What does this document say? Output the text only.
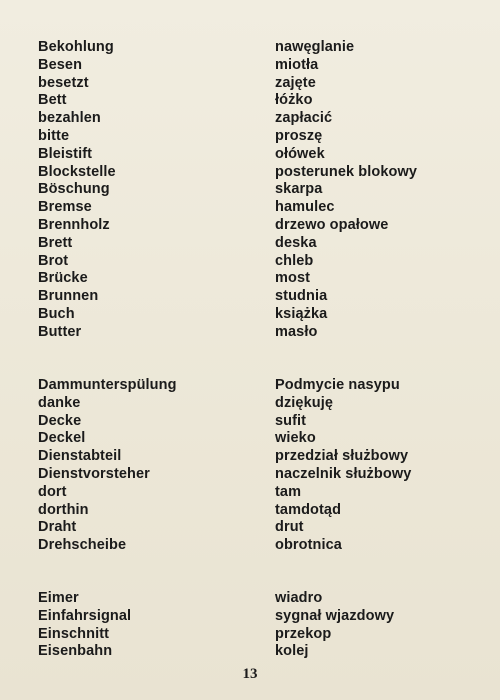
Bekohlung	nawęglanie
Besen	miotła
besetzt	zajęte
Bett	łóżko
bezahlen	zapłacić
bitte	proszę
Bleistift	ołówek
Blockstelle	posterunek blokowy
Böschung	skarpa
Bremse	hamulec
Brennholz	drzewo opałowe
Brett	deska
Brot	chleb
Brücke	most
Brunnen	studnia
Buch	książka
Butter	masło
Dammunterspülung	Podmycie nasypu
danke	dziękuję
Decke	sufit
Deckel	wieko
Dienstabteil	przedział służbowy
Dienstvorsteher	naczelnik służbowy
dort	tam
dorthin	tamdotąd
Draht	drut
Drehscheibe	obrotnica
Eimer	wiadro
Einfahrsignal	sygnał wjazdowy
Einschnitt	przekop
Eisenbahn	kolej
13
